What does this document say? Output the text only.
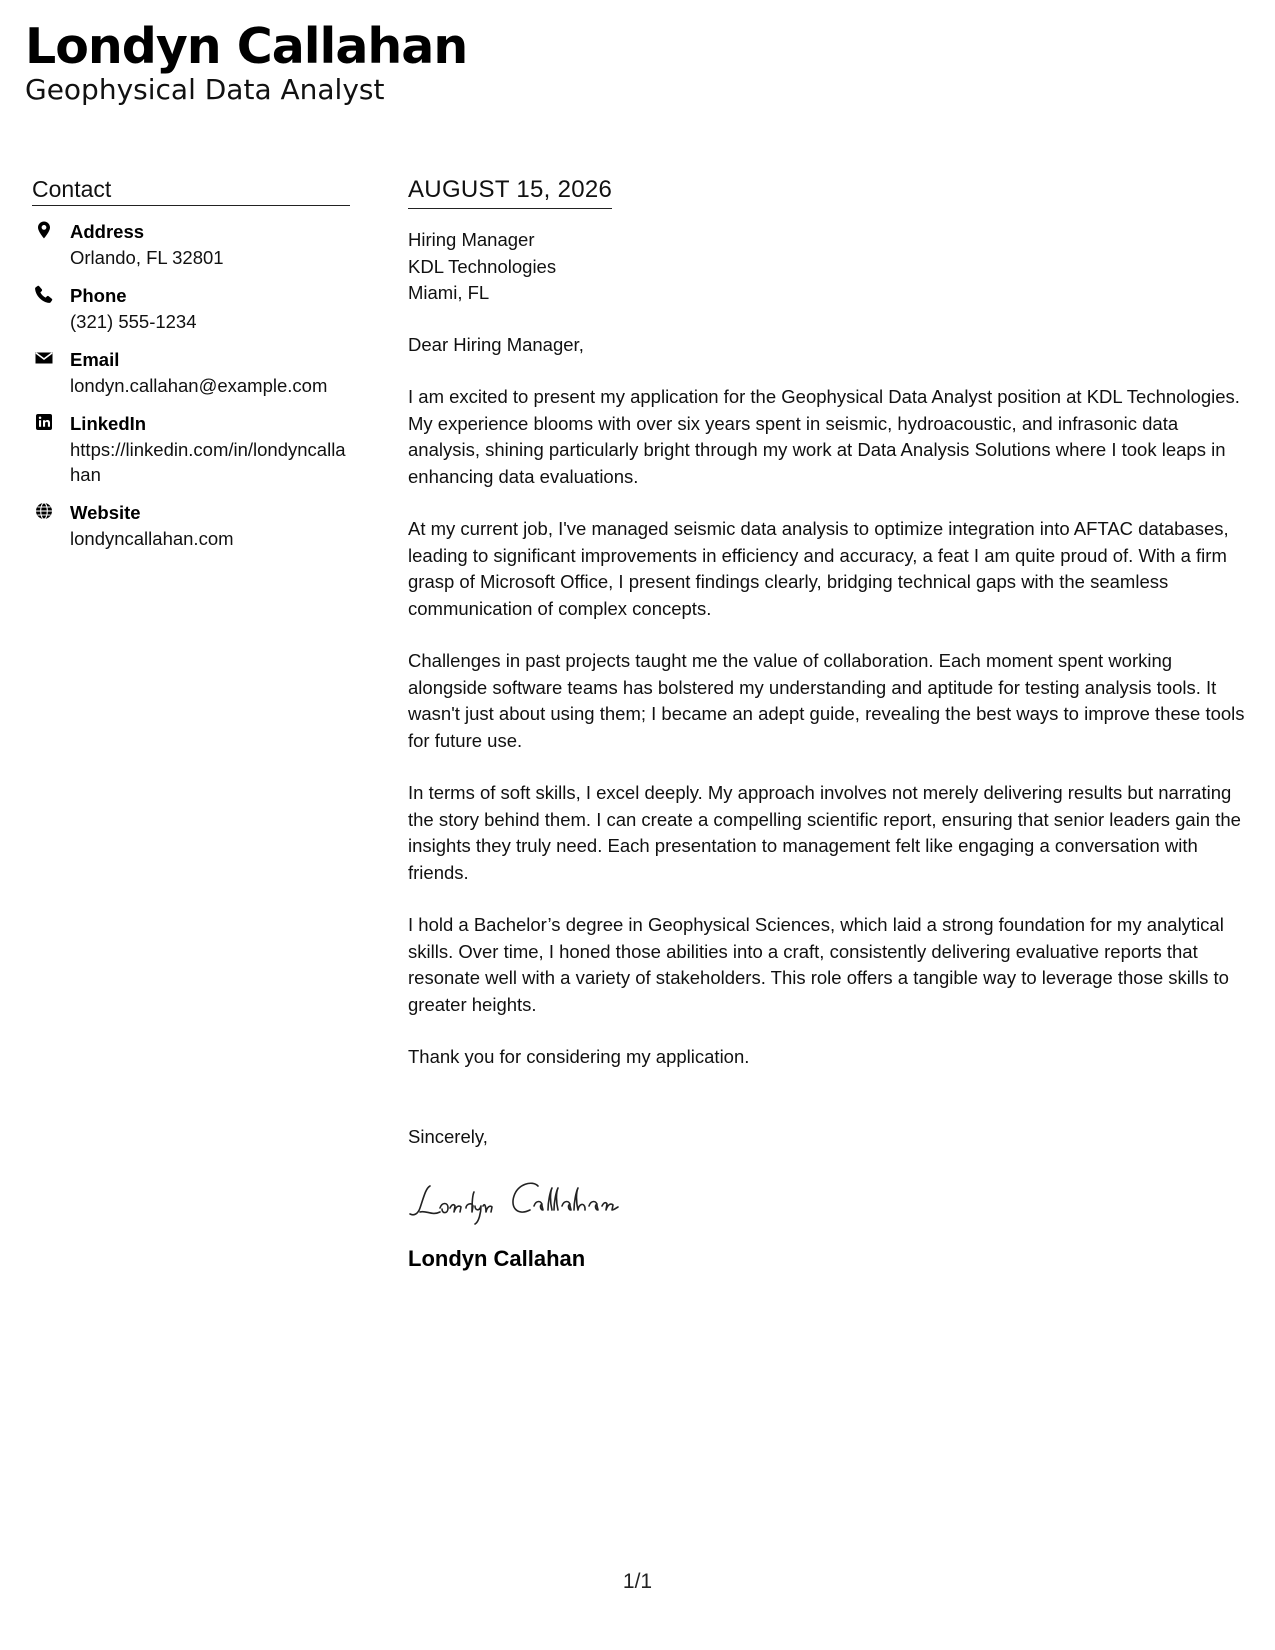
Londyn Callahan
Geophysical Data Analyst
Contact
Address
Orlando, FL 32801
Phone
(321) 555-1234
Email
londyn.callahan@example.com
LinkedIn
https://linkedin.com/in/londyncallahan
Website
londyncallahan.com
AUGUST 15, 2026
Hiring Manager
KDL Technologies
Miami, FL

Dear Hiring Manager,

I am excited to present my application for the Geophysical Data Analyst position at KDL Technologies. My experience blooms with over six years spent in seismic, hydroacoustic, and infrasonic data analysis, shining particularly bright through my work at Data Analysis Solutions where I took leaps in enhancing data evaluations.

At my current job, I've managed seismic data analysis to optimize integration into AFTAC databases, leading to significant improvements in efficiency and accuracy, a feat I am quite proud of. With a firm grasp of Microsoft Office, I present findings clearly, bridging technical gaps with the seamless communication of complex concepts.

Challenges in past projects taught me the value of collaboration. Each moment spent working alongside software teams has bolstered my understanding and aptitude for testing analysis tools. It wasn't just about using them; I became an adept guide, revealing the best ways to improve these tools for future use.

In terms of soft skills, I excel deeply. My approach involves not merely delivering results but narrating the story behind them. I can create a compelling scientific report, ensuring that senior leaders gain the insights they truly need. Each presentation to management felt like engaging a conversation with friends.

I hold a Bachelor’s degree in Geophysical Sciences, which laid a strong foundation for my analytical skills. Over time, I honed those abilities into a craft, consistently delivering evaluative reports that resonate well with a variety of stakeholders. This role offers a tangible way to leverage those skills to greater heights.

Thank you for considering my application.

Sincerely,

Londyn Callahan
1/1
